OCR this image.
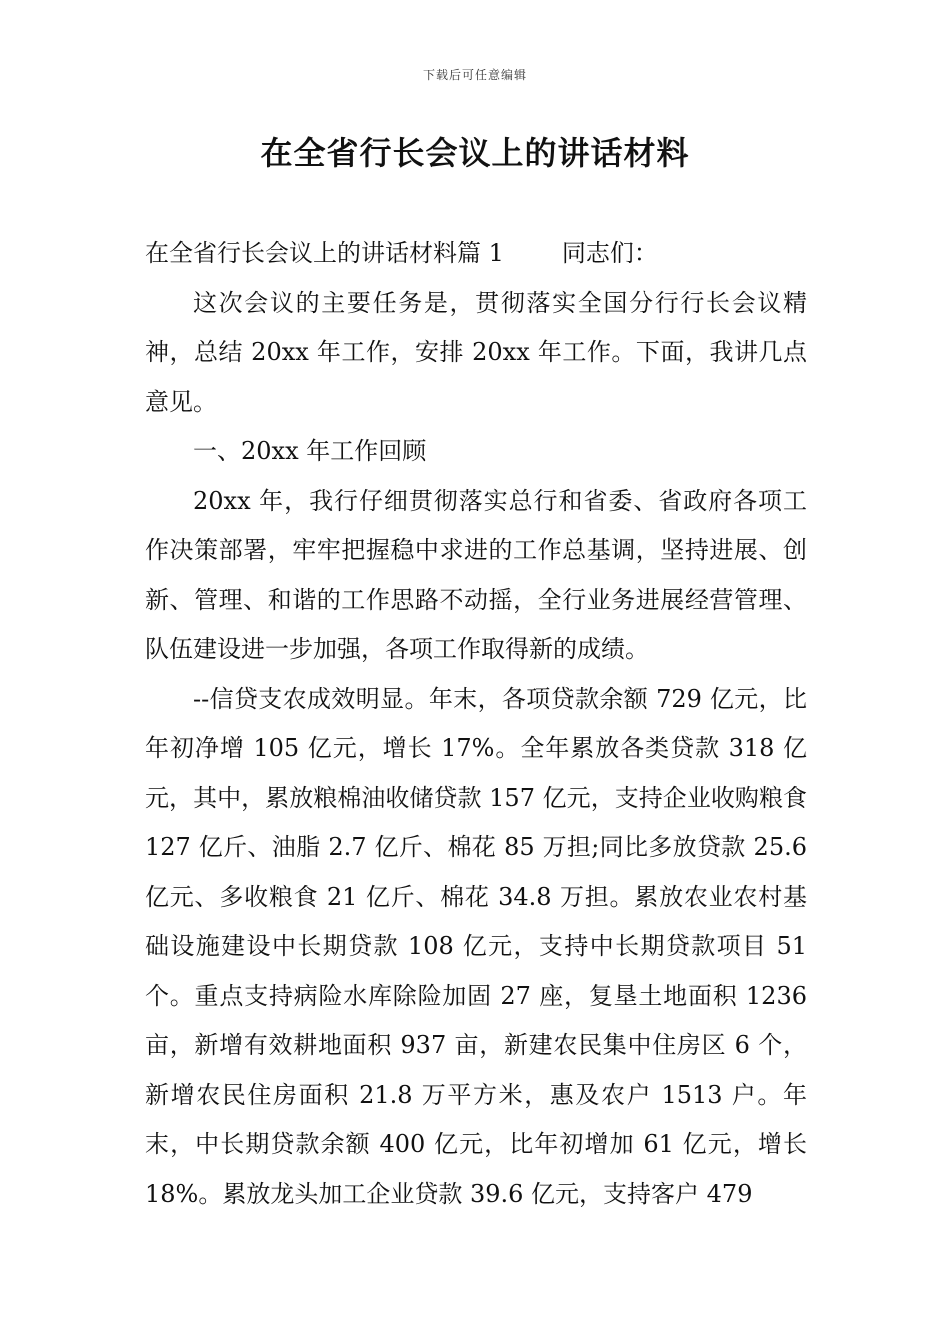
下载后可任意编辑
在全省行长会议上的讲话材料

在全省行长会议上的讲话材料篇 1 同志们：

这次会议的主要任务是，贯彻落实全国分行行长会议精神，总结 20xx 年工作，安排 20xx 年工作。下面，我讲几点意见。

一、20xx 年工作回顾

20xx 年，我行仔细贯彻落实总行和省委、省政府各项工作决策部署，牢牢把握稳中求进的工作总基调，坚持进展、创新、管理、和谐的工作思路不动摇，全行业务进展经营管理、队伍建设进一步加强，各项工作取得新的成绩。

--信贷支农成效明显。年末，各项贷款余额 729 亿元，比年初净增 105 亿元，增长 17%。全年累放各类贷款 318 亿元，其中，累放粮棉油收储贷款 157 亿元，支持企业收购粮食 127 亿斤、油脂 2.7 亿斤、棉花 85 万担;同比多放贷款 25.6 亿元、多收粮食 21 亿斤、棉花 34.8 万担。累放农业农村基础设施建设中长期贷款 108 亿元，支持中长期贷款项目 51 个。重点支持病险水库除险加固 27 座，复垦土地面积 1236 亩，新增有效耕地面积 937 亩，新建农民集中住房区 6 个，新增农民住房面积 21.8 万平方米，惠及农户 1513 户。年末，中长期贷款余额 400 亿元，比年初增加 61 亿元，增长 18%。累放龙头加工企业贷款 39.6 亿元，支持客户 479
